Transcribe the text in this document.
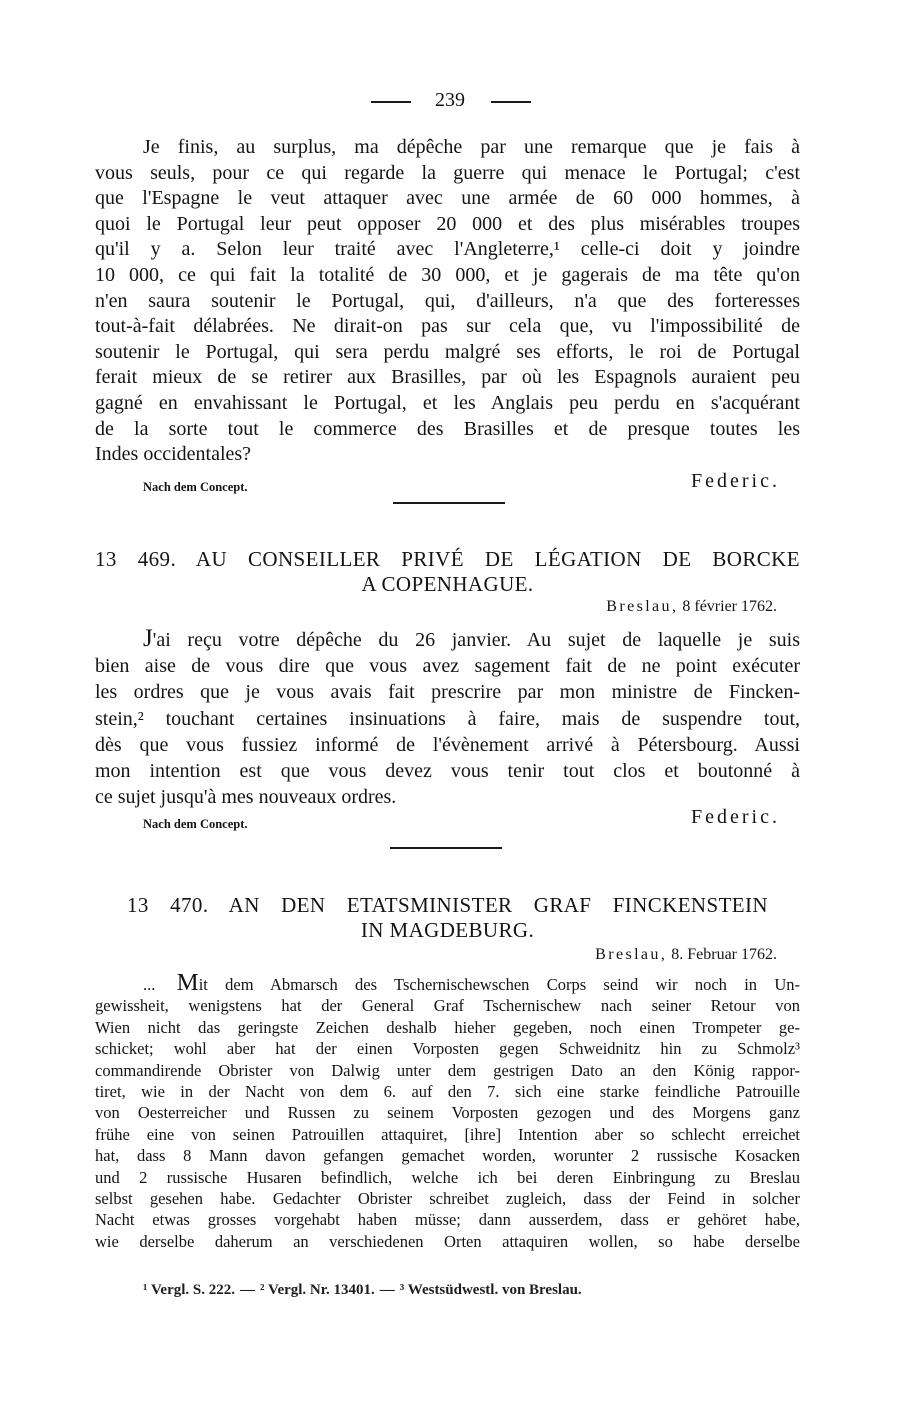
239
Je finis, au surplus, ma dépêche par une remarque que je fais à
vous seuls, pour ce qui regarde la guerre qui menace le Portugal; c'est
que l'Espagne le veut attaquer avec une armée de 60 000 hommes, à
quoi le Portugal leur peut opposer 20 000 et des plus misérables troupes
qu'il y a. Selon leur traité avec l'Angleterre,¹ celle-ci doit y joindre
10 000, ce qui fait la totalité de 30 000, et je gagerais de ma tête qu'on
n'en saura soutenir le Portugal, qui, d'ailleurs, n'a que des forteresses
tout-à-fait délabrées. Ne dirait-on pas sur cela que, vu l'impossibilité de
soutenir le Portugal, qui sera perdu malgré ses efforts, le roi de Portugal
ferait mieux de se retirer aux Brasilles, par où les Espagnols auraient peu
gagné en envahissant le Portugal, et les Anglais peu perdu en s'acquérant
de la sorte tout le commerce des Brasilles et de presque toutes les
Indes occidentales?
Nach dem Concept.	Federic.
13 469. AU CONSEILLER PRIVÉ DE LÉGATION DE BORCKE
A COPENHAGUE.
Breslau, 8 février 1762.
J'ai reçu votre dépêche du 26 janvier. Au sujet de laquelle je suis
bien aise de vous dire que vous avez sagement fait de ne point exécuter
les ordres que je vous avais fait prescrire par mon ministre de Fincken-
stein,² touchant certaines insinuations à faire, mais de suspendre tout,
dès que vous fussiez informé de l'évènement arrivé à Pétersbourg. Aussi
mon intention est que vous devez vous tenir tout clos et boutonné à
ce sujet jusqu'à mes nouveaux ordres.
Nach dem Concept.	Federic.
13 470. AN DEN ETATSMINISTER GRAF FINCKENSTEIN
IN MAGDEBURG.
Breslau, 8. Februar 1762.
... Mit dem Abmarsch des Tschernischewschen Corps seind wir noch in Un-
gewissheit, wenigstens hat der General Graf Tschernischew nach seiner Retour von
Wien nicht das geringste Zeichen deshalb hieher gegeben, noch einen Trompeter ge-
schicket; wohl aber hat der einen Vorposten gegen Schweidnitz hin zu Schmolz³
commandirende Obrister von Dalwig unter dem gestrigen Dato an den König rappor-
tiret, wie in der Nacht von dem 6. auf den 7. sich eine starke feindliche Patrouille
von Oesterreicher und Russen zu seinem Vorposten gezogen und des Morgens ganz
frühe eine von seinen Patrouillen attaquiret, [ihre] Intention aber so schlecht erreichet
hat, dass 8 Mann davon gefangen gemachet worden, worunter 2 russische Kosacken
und 2 russische Husaren befindlich, welche ich bei deren Einbringung zu Breslau
selbst gesehen habe. Gedachter Obrister schreibet zugleich, dass der Feind in solcher
Nacht etwas grosses vorgehabt haben müsse; dann ausserdem, dass er gehöret habe,
wie derselbe daherum an verschiedenen Orten attaquiren wollen, so habe derselbe
¹ Vergl. S. 222. — ² Vergl. Nr. 13401. — ³ Westsüdwestl. von Breslau.
